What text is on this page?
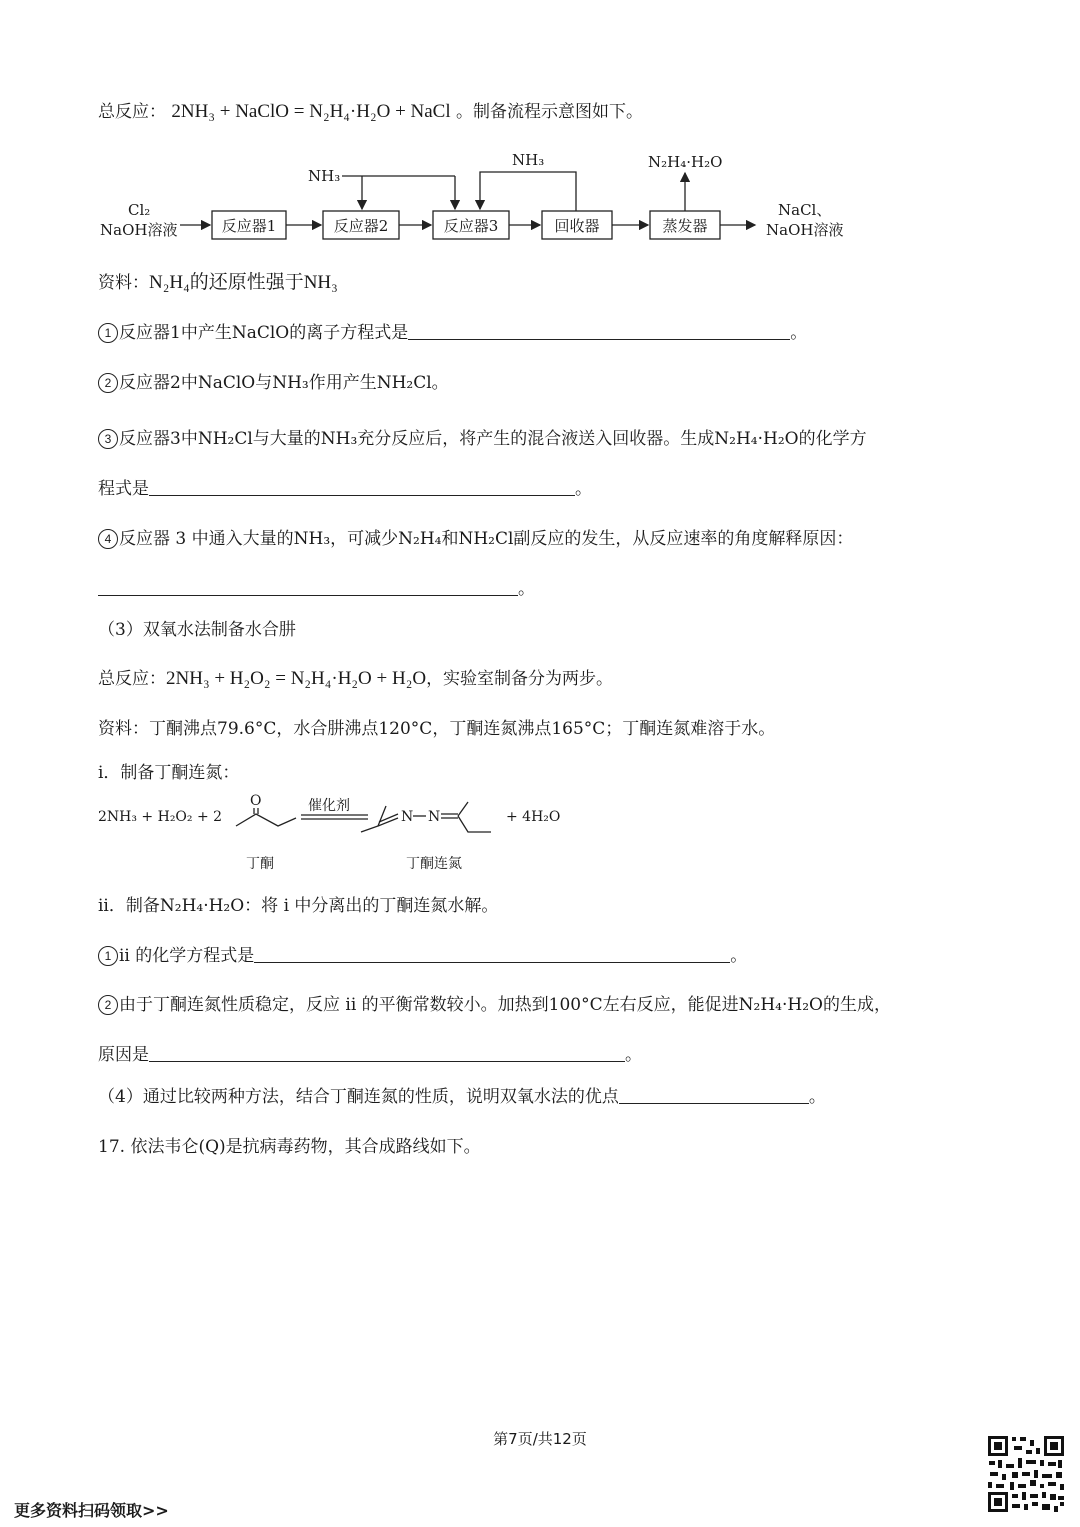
总反应： 2NH₃ + NaClO = N₂H₄·H₂O + NaCl 。制备流程示意图如下。
Cl₂
NaOH溶液
NH₃
NH₃	N₂H₄·H₂O
NaCl、
NaOH溶液
反应器1	反应器2	反应器3	回收器	蒸发器
资料：N₂H₄的还原性强于NH₃
1 反应器1中产生NaClO的离子方程式是	。
2 反应器2中NaClO与NH₃作用产生NH₂Cl。
3 反应器3中NH₂Cl与大量的NH₃充分反应后，将产生的混合液送入回收器。生成N₂H₄·H₂O的化学方
程式是	。
4 反应器 3 中通入大量的NH₃，可减少N₂H₄和NH₂Cl副反应的发生，从反应速率的角度解释原因：
。
（3）双氧水法制备水合肼
总反应：2NH₃ + H₂O₂ = N₂H₄·H₂O + H₂O，实验室制备分为两步。
资料：丁酮沸点79.6°C，水合肼沸点120°C，丁酮连氮沸点165°C；丁酮连氮难溶于水。
i．制备丁酮连氮：
2NH₃ + H₂O₂ + 2
O	催化剂
N N	+ 4H₂O
丁酮	丁酮连氮
ii．制备N₂H₄·H₂O：将 i 中分离出的丁酮连氮水解。
1 ii 的化学方程式是	。
2 由于丁酮连氮性质稳定，反应 ii 的平衡常数较小。加热到100°C左右反应，能促进N₂H₄·H₂O的生成，
原因是	。
（4）通过比较两种方法，结合丁酮连氮的性质，说明双氧水法的优点	。
17. 依法韦仑(Q)是抗病毒药物，其合成路线如下。
第7页/共12页
更多资料扫码领取>>
